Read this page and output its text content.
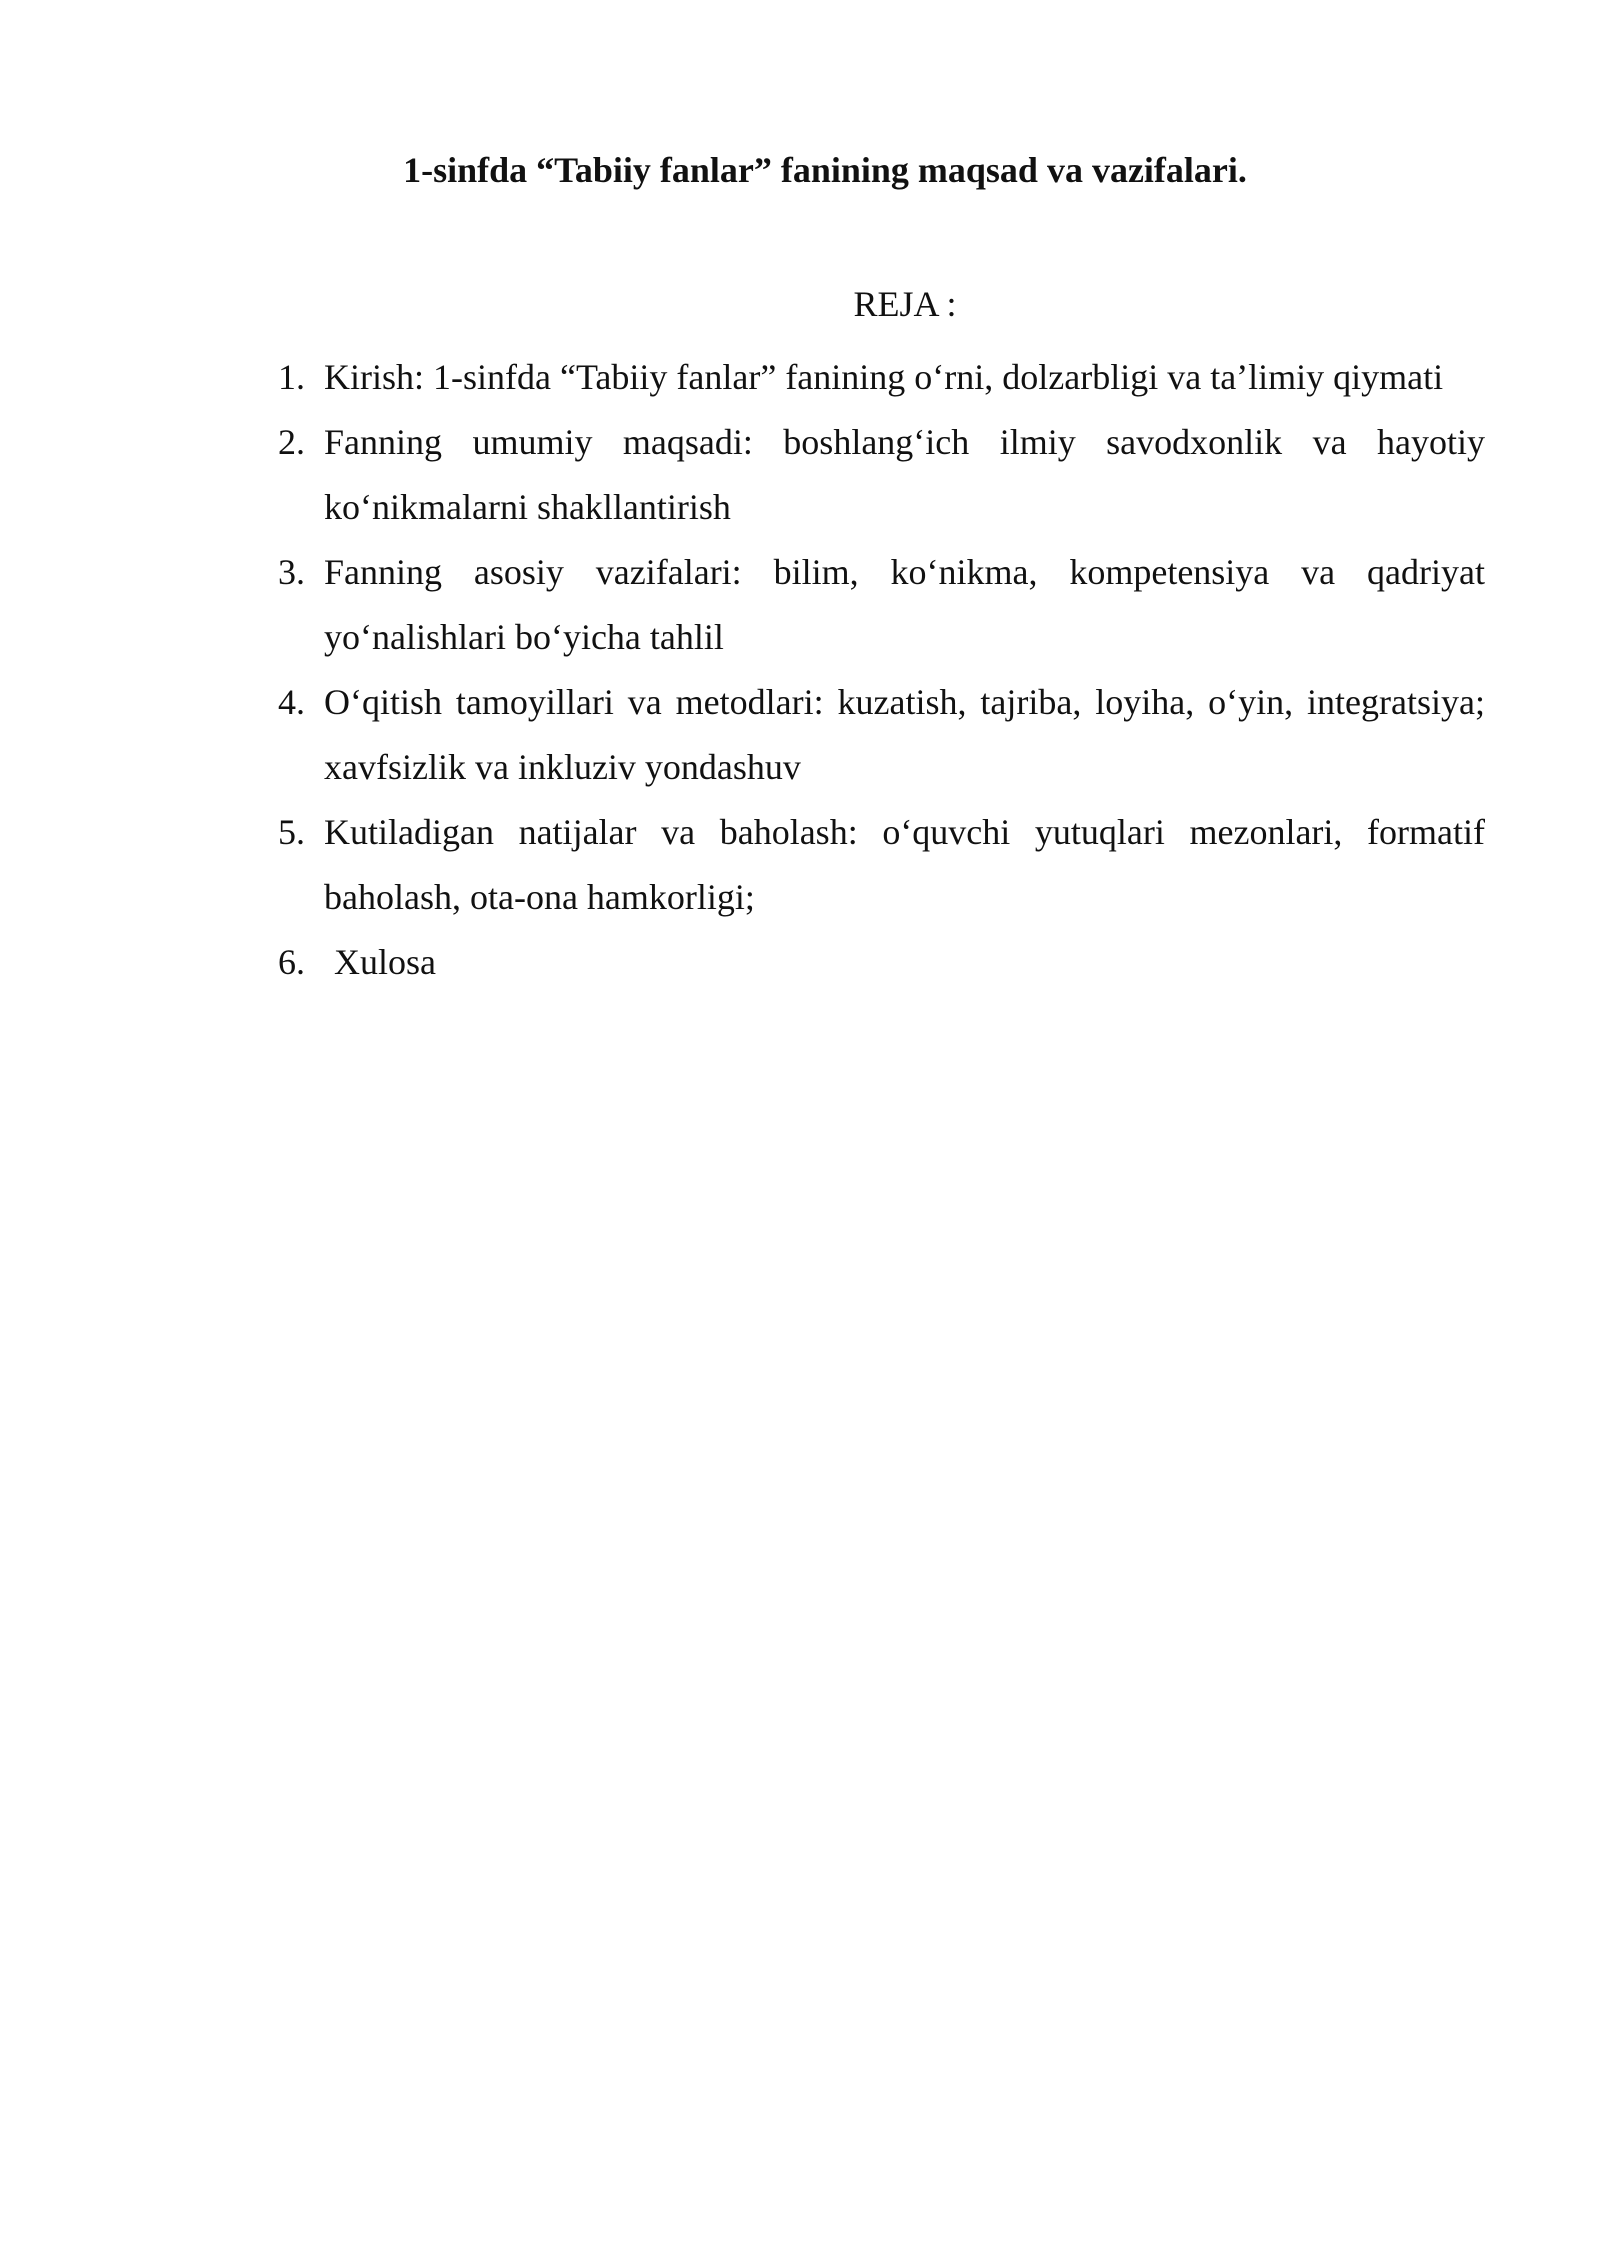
1-sinfda “Tabiiy fanlar” fanining maqsad va vazifalari.

REJA :

1. Kirish: 1-sinfda “Tabiiy fanlar” fanining o‘rni, dolzarbligi va ta’limiy qiymati
2. Fanning umumiy maqsadi: boshlang‘ich ilmiy savodxonlik va hayotiy ko‘nikmalarni shakllantirish
3. Fanning asosiy vazifalari: bilim, ko‘nikma, kompetensiya va qadriyat yo‘nalishlari bo‘yicha tahlil
4. O‘qitish tamoyillari va metodlari: kuzatish, tajriba, loyiha, o‘yin, integratsiya; xavfsizlik va inkluziv yondashuv
5. Kutiladigan natijalar va baholash: o‘quvchi yutuqlari mezonlari, formatif baholash, ota-ona hamkorligi;
6. Xulosa
